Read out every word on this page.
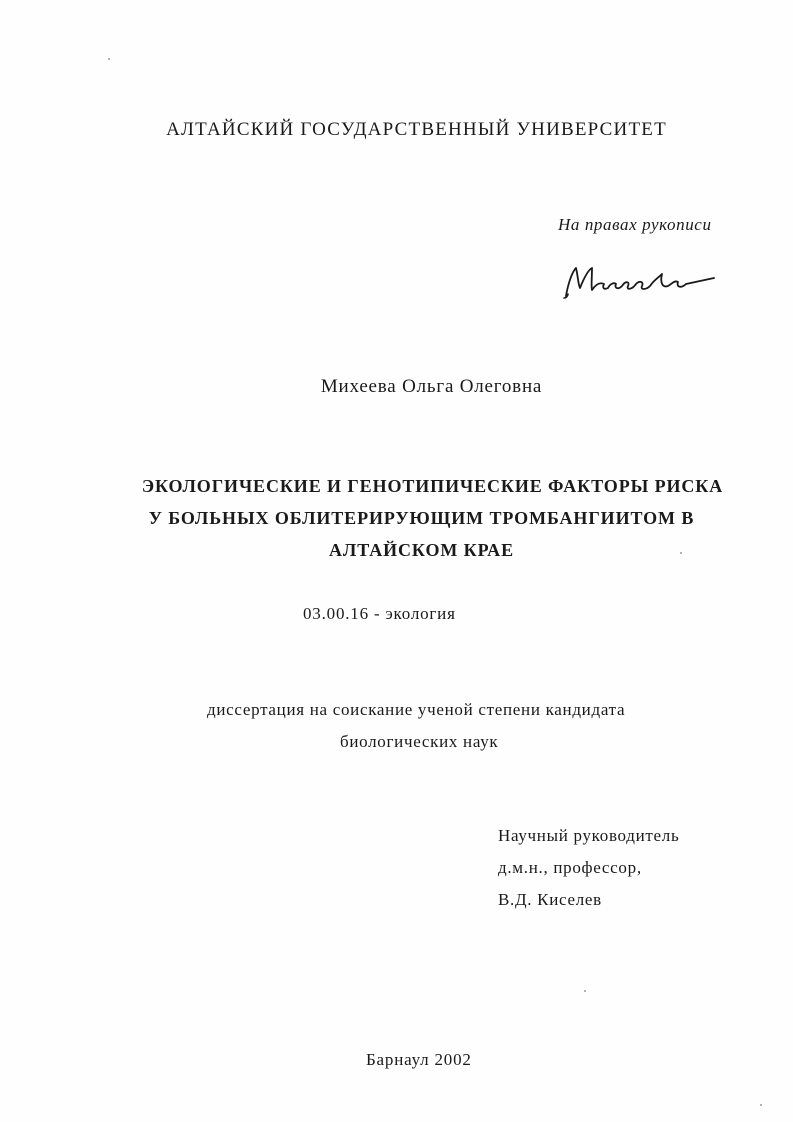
АЛТАЙСКИЙ ГОСУДАРСТВЕННЫЙ УНИВЕРСИТЕТ

На правах рукописи

Михеева Ольга Олеговна

ЭКОЛОГИЧЕСКИЕ И ГЕНОТИПИЧЕСКИЕ ФАКТОРЫ РИСКА

У БОЛЬНЫХ ОБЛИТЕРИРУЮЩИМ ТРОМБАНГИИТОМ В

АЛТАЙСКОМ КРАЕ

03.00.16 - экология

диссертация на соискание ученой степени кандидата

биологических наук

Научный руководитель

д.м.н., профессор,

В.Д. Киселев

Барнаул 2002
